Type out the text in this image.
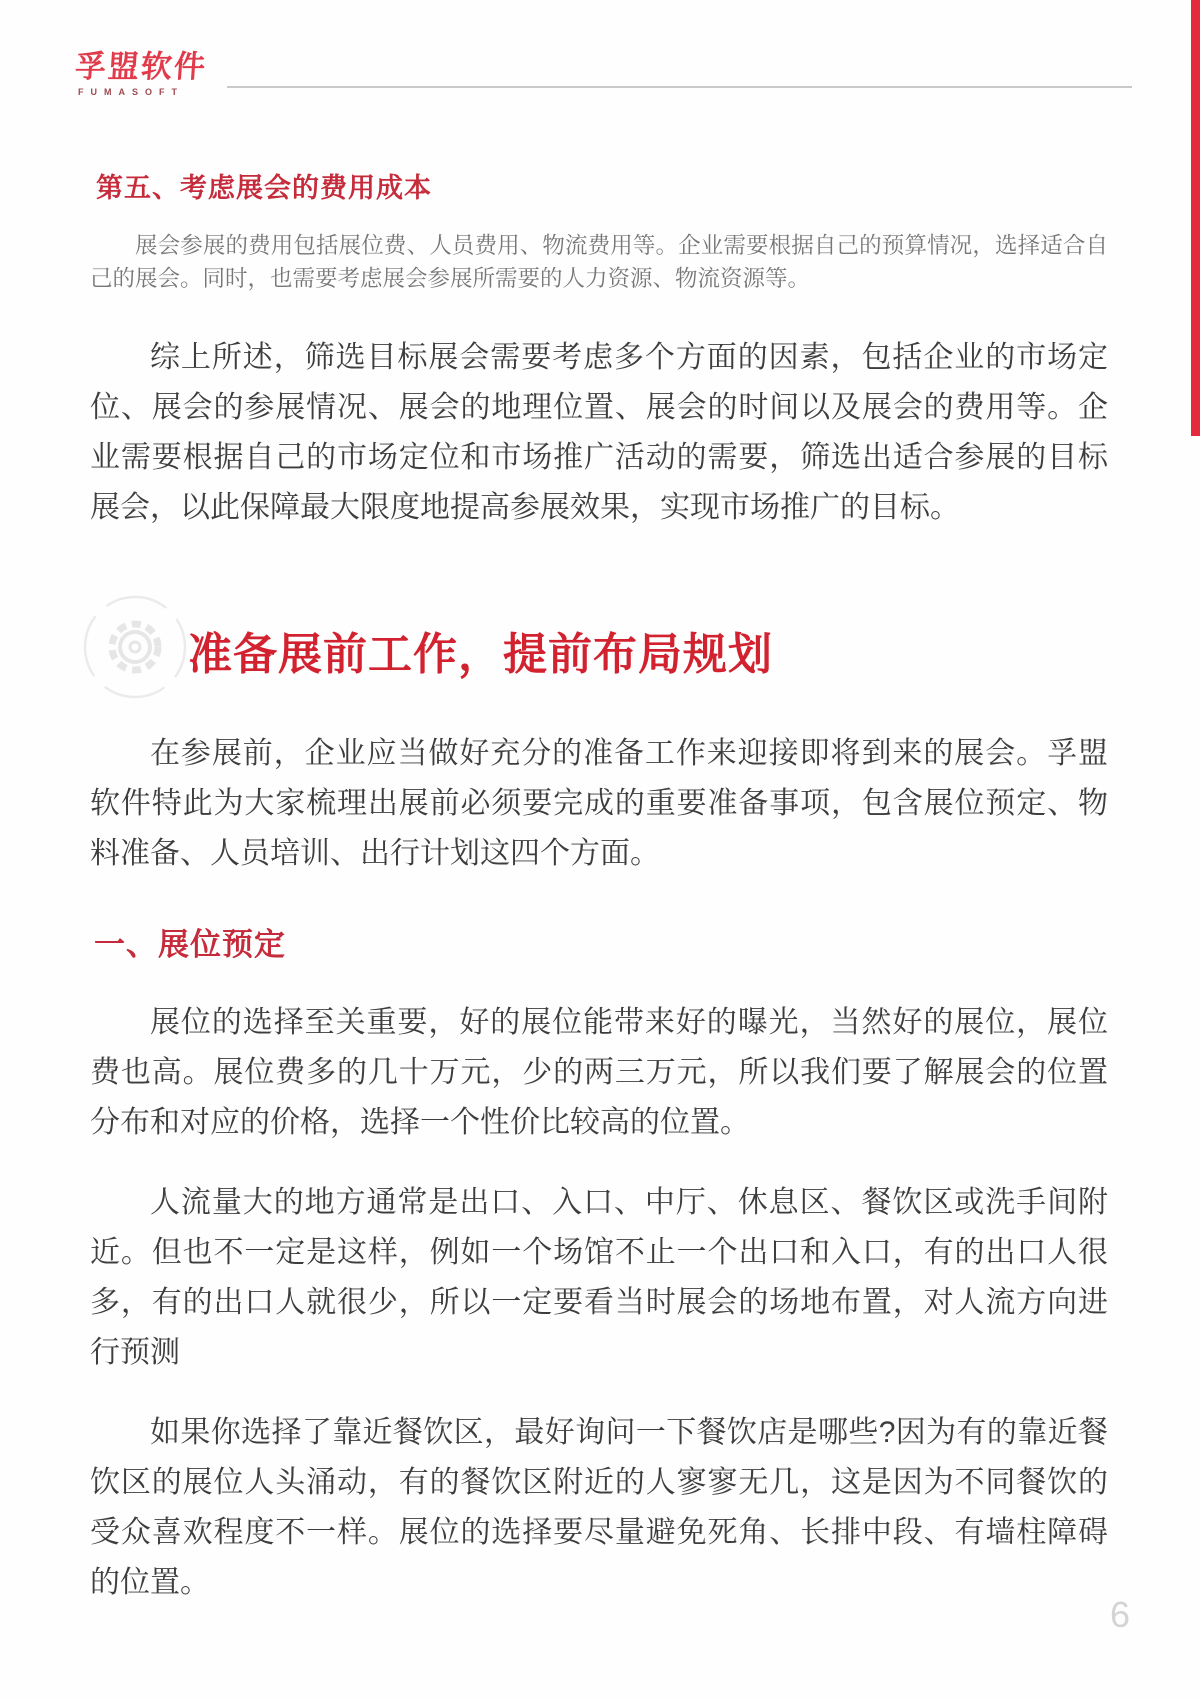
孚盟软件
FUMASOFT
第五、考虑展会的费用成本

展会参展的费用包括展位费、人员费用、物流费用等。企业需要根据自己的预算情况，选择适合自己的展会。同时，也需要考虑展会参展所需要的人力资源、物流资源等。

综上所述，筛选目标展会需要考虑多个方面的因素，包括企业的市场定位、展会的参展情况、展会的地理位置、展会的时间以及展会的费用等。企业需要根据自己的市场定位和市场推广活动的需要，筛选出适合参展的目标展会，以此保障最大限度地提高参展效果，实现市场推广的目标。

准备展前工作，提前布局规划

在参展前，企业应当做好充分的准备工作来迎接即将到来的展会。孚盟软件特此为大家梳理出展前必须要完成的重要准备事项，包含展位预定、物料准备、人员培训、出行计划这四个方面。

一、展位预定

展位的选择至关重要，好的展位能带来好的曝光，当然好的展位，展位费也高。展位费多的几十万元，少的两三万元，所以我们要了解展会的位置分布和对应的价格，选择一个性价比较高的位置。

人流量大的地方通常是出口、入口、中厅、休息区、餐饮区或洗手间附近。但也不一定是这样，例如一个场馆不止一个出口和入口，有的出口人很多，有的出口人就很少，所以一定要看当时展会的场地布置，对人流方向进行预测

如果你选择了靠近餐饮区，最好询问一下餐饮店是哪些?因为有的靠近餐饮区的展位人头涌动，有的餐饮区附近的人寥寥无几，这是因为不同餐饮的受众喜欢程度不一样。展位的选择要尽量避免死角、长排中段、有墙柱障碍的位置。

6
